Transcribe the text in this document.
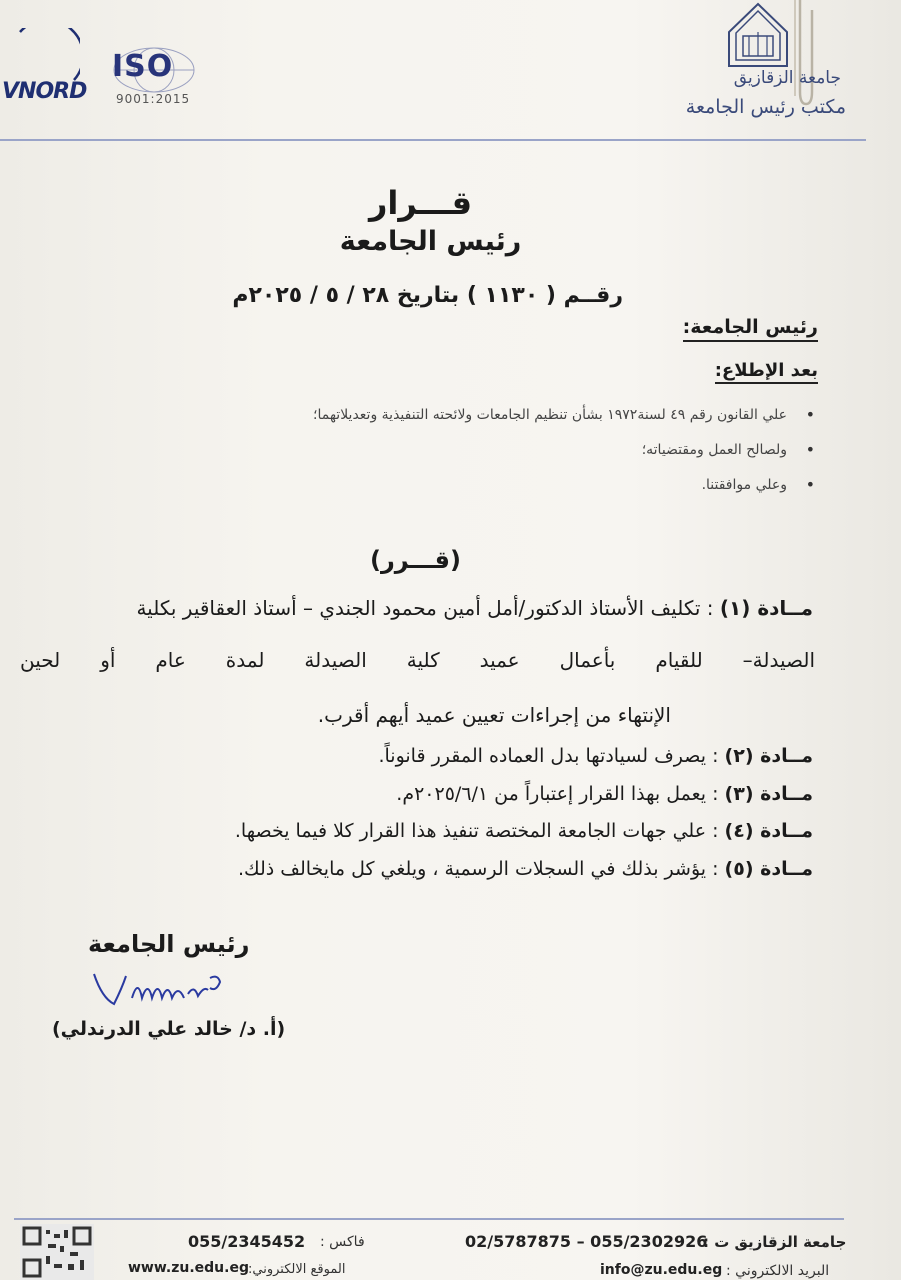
جامعة الزقازيق
مكتب رئيس الجامعة
VNORD
ISO
9001:2015
قـــرار
رئيس الجامعة
رقــم ( ١١٣٠ ) بتاريخ ٢٨ / ٥ / ٢٠٢٥م
رئيس الجامعة:
بعد الإطلاع:
علي القانون رقم ٤٩ لسنة١٩٧٢ بشأن تنظيم الجامعات ولائحته التنفيذية وتعديلاتهما؛ •
ولصالح العمل ومقتضياته؛ •
وعلي موافقتنا. •
(قـــرر)
مــادة (١) : تكليف الأستاذ الدكتور/أمل أمين محمود الجندي – أستاذ العقاقير بكلية
الصيدلة– للقيام بأعمال عميد كلية الصيدلة لمدة عام أو لحين
الإنتهاء من إجراءات تعيين عميد أيهم أقرب.
مــادة (٢) : يصرف لسيادتها بدل العماده المقرر قانوناً.
مــادة (٣) : يعمل بهذا القرار إعتباراً من ٢٠٢٥/٦/١م.
مــادة (٤) : علي جهات الجامعة المختصة تنفيذ هذا القرار كلا فيما يخصها.
مــادة (٥) : يؤشر بذلك في السجلات الرسمية ، ويلغي كل مايخالف ذلك.
رئيس الجامعة
(أ. د/ خالد علي الدرندلي)
فاكس :
055/2345452
الموقع الالكتروني:
www.zu.edu.eg
جامعة الزقازيق ت :
02/5787875 – 055/2302926
البريد الالكتروني :
info@zu.edu.eg
